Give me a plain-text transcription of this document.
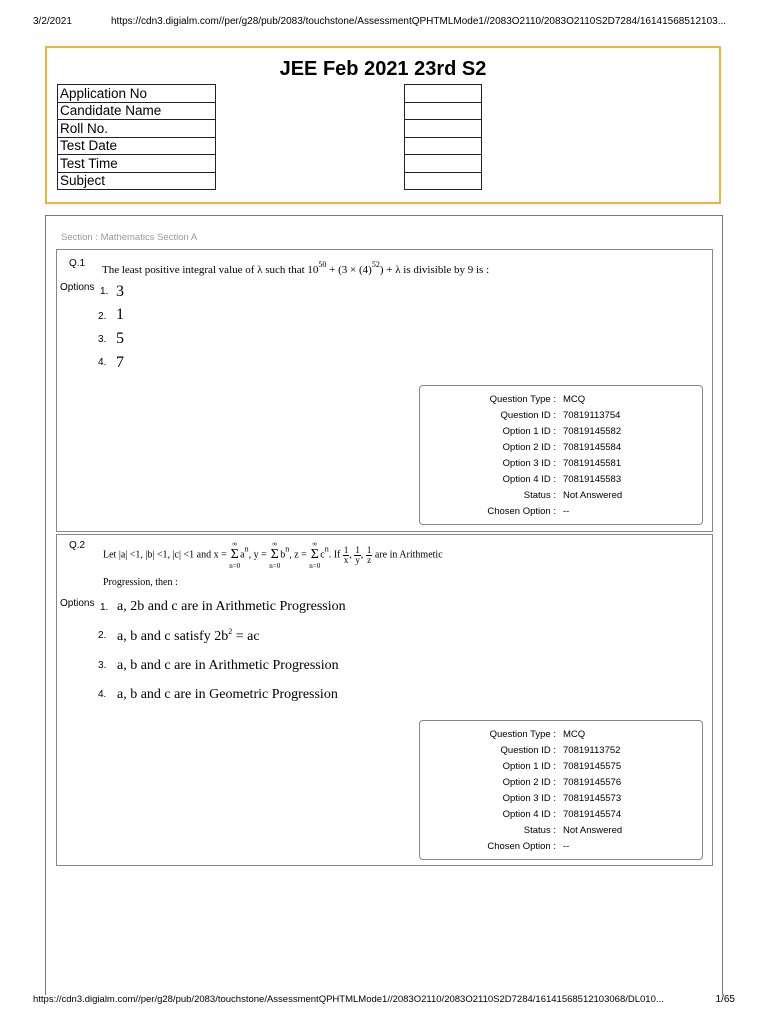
3/2/2021	https://cdn3.digialm.com//per/g28/pub/2083/touchstone/AssessmentQPHTMLMode1//2083O2110/2083O2110S2D7284/16141568512103...
https://cdn3.digialm.com//per/g28/pub/2083/touchstone/AssessmentQPHTMLMode1//2083O2110/2083O2110S2D7284/16141568512103068/DL010...	1/65
JEE Feb 2021 23rd S2
Application No		
Candidate Name		
Roll No.		
Test Date		
Test Time		
Subject		
Section : Mathematics Section A
Q.1
The least positive integral value of λ such that $10^{50} + (3 \times (4)^{52}) + \lambda$ is divisible by 9 is :
Options 1. 3
2. 1
3. 5
4. 7
Question Type : MCQ
Question ID : 70819113754
Option 1 ID : 70819145582
Option 2 ID : 70819145584
Option 3 ID : 70819145581
Option 4 ID : 70819145583
Status : Not Answered
Chosen Option : --
Q.2
Let |a| <1, |b| <1, |c| <1 and x = ∞
Σ
$n=0a^n$, y = ∞
Σ
$n=0b^n$, z = ∞
Σ
$n=0c^n$. If $\frac{1}{x}$ , $\frac{1}{y}$ , $\frac{1}{z}$ are in Arithmetic
Progression, then :
Options 1. a, 2b and c are in Arithmetic Progression
2. a, b and c satisfy $2b^2$ = ac
3. a, b and c are in Arithmetic Progression
4. a, b and c are in Geometric Progression
Question Type : MCQ
Question ID : 70819113752
Option 1 ID : 70819145575
Option 2 ID : 70819145576
Option 3 ID : 70819145573
Option 4 ID : 70819145574
Status : Not Answered
Chosen Option : --
